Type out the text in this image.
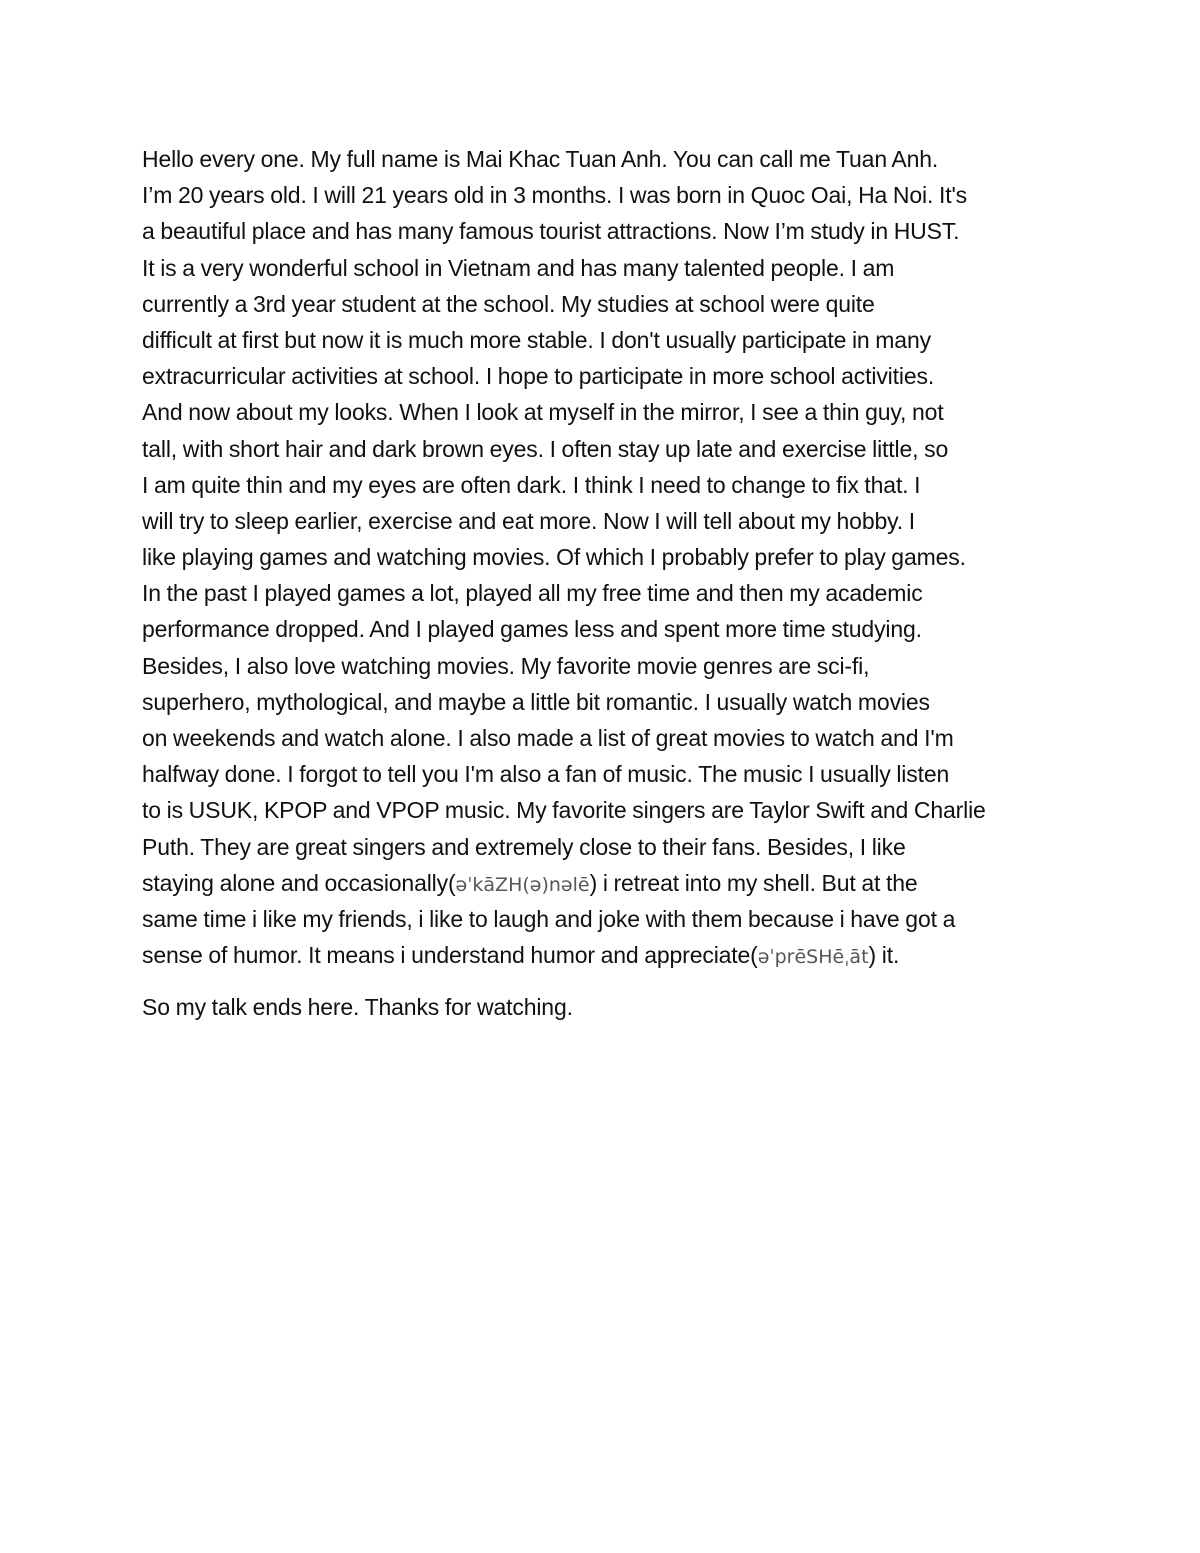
Hello every one. My full name is Mai Khac Tuan Anh. You can call me Tuan Anh.
I’m 20 years old. I will 21 years old in 3 months. I was born in Quoc Oai, Ha Noi. It's
a beautiful place and has many famous tourist attractions. Now I’m study in HUST.
It is a very wonderful school in Vietnam and has many talented people. I am
currently a 3rd year student at the school. My studies at school were quite
difficult at first but now it is much more stable. I don't usually participate in many
extracurricular activities at school. I hope to participate in more school activities.
And now about my looks. When I look at myself in the mirror, I see a thin guy, not
tall, with short hair and dark brown eyes. I often stay up late and exercise little, so
I am quite thin and my eyes are often dark. I think I need to change to fix that. I
will try to sleep earlier, exercise and eat more. Now I will tell about my hobby. I
like playing games and watching movies. Of which I probably prefer to play games.
In the past I played games a lot, played all my free time and then my academic
performance dropped. And I played games less and spent more time studying.
Besides, I also love watching movies. My favorite movie genres are sci-fi,
superhero, mythological, and maybe a little bit romantic. I usually watch movies
on weekends and watch alone. I also made a list of great movies to watch and I'm
halfway done. I forgot to tell you I'm also a fan of music. The music I usually listen
to is USUK, KPOP and VPOP music. My favorite singers are Taylor Swift and Charlie
Puth. They are great singers and extremely close to their fans. Besides, I like
staying alone and occasionally(əˈkāZH(ə)nəlē) i retreat into my shell. But at the
same time i like my friends, i like to laugh and joke with them because i have got a
sense of humor. It means i understand humor and appreciate(əˈprēSHēˌāt) it.
So my talk ends here. Thanks for watching.
